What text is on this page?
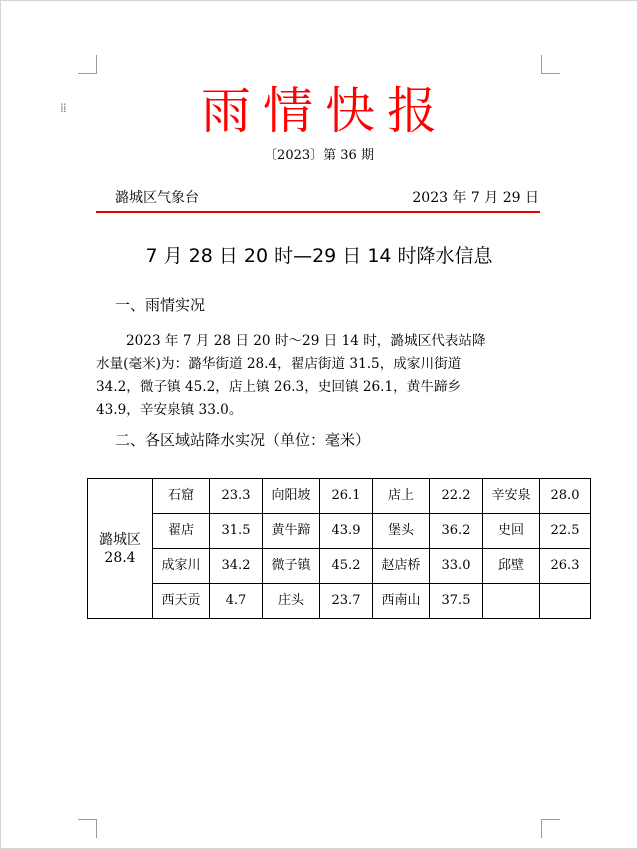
⁞⁞	雨情快报
〔2023〕第 36 期
潞城区气象台	2023 年 7 月 29 日
7 月 28 日 20 时—29 日 14 时降水信息
一、雨情实况
2023 年 7 月 28 日 20 时～29 日 14 时，潞城区代表站降
水量(毫米)为：潞华街道 28.4，翟店街道 31.5，成家川街道
34.2，微子镇 45.2，店上镇 26.3，史回镇 26.1，黄牛蹄乡
43.9，辛安泉镇 33.0。
二、各区域站降水实况（单位：毫米）
潞城区
28.4	石窟	23.3	向阳坡	26.1	店上	22.2	辛安泉	28.0
	翟店	31.5	黄牛蹄	43.9	堡头	36.2	史回	22.5
	成家川	34.2	微子镇	45.2	赵店桥	33.0	邱壁	26.3
	西天贡	4.7	庄头	23.7	西南山	37.5		
